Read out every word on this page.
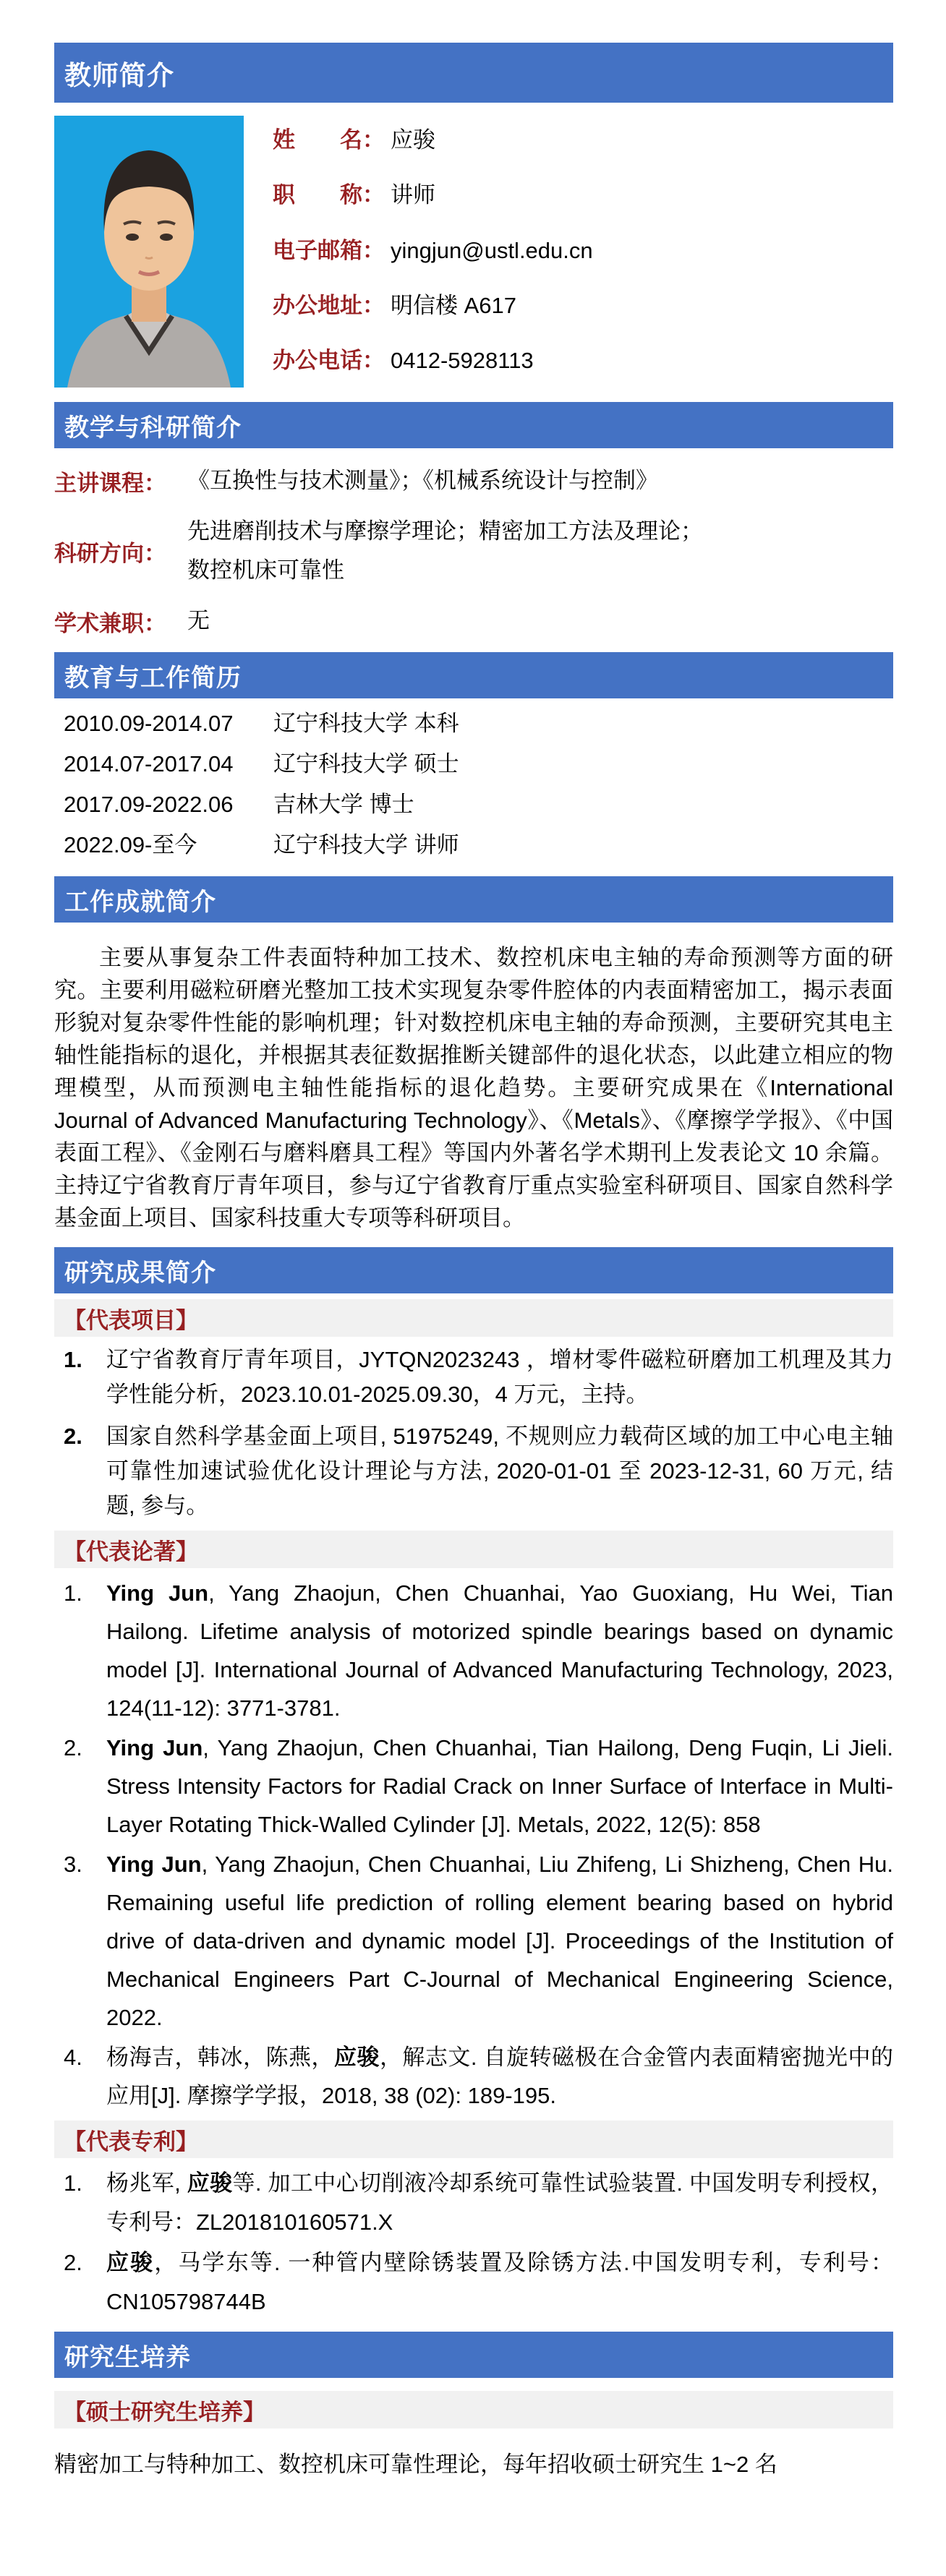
教师简介
姓　　名： 应骏
职　　称： 讲师
电子邮箱： yingjun@ustl.edu.cn
办公地址： 明信楼 A617
办公电话： 0412-5928113
教学与科研简介
主讲课程： 《互换性与技术测量》；《机械系统设计与控制》
科研方向：
先进磨削技术与摩擦学理论；精密加工方法及理论；
数控机床可靠性
学术兼职： 无
教育与工作简历
2010.09-2014.07	辽宁科技大学 本科
2014.07-2017.04	辽宁科技大学 硕士
2017.09-2022.06	吉林大学 博士
2022.09-至今	辽宁科技大学 讲师
工作成就简介

主要从事复杂工件表面特种加工技术、数控机床电主轴的寿命预测等方面的研究。主要利用磁粒研磨光整加工技术实现复杂零件腔体的内表面精密加工，揭示表面形貌对复杂零件性能的影响机理；针对数控机床电主轴的寿命预测，主要研究其电主轴性能指标的退化，并根据其表征数据推断关键部件的退化状态，以此建立相应的物理模型，从而预测电主轴性能指标的退化趋势。主要研究成果在《International Journal of Advanced Manufacturing Technology》、《Metals》、《摩擦学学报》、《中国表面工程》、《金刚石与磨料磨具工程》等国内外著名学术期刊上发表论文 10 余篇。主持辽宁省教育厅青年项目，参与辽宁省教育厅重点实验室科研项目、国家自然科学基金面上项目、国家科技重大专项等科研项目。

研究成果简介
【代表项目】
1.	辽宁省教育厅青年项目，JYTQN2023243 ，增材零件磁粒研磨加工机理及其力学性能分析，2023.10.01-2025.09.30，4 万元，主持。
2.	国家自然科学基金面上项目, 51975249, 不规则应力载荷区域的加工中心电主轴可靠性加速试验优化设计理论与方法, 2020-01-01 至 2023-12-31, 60 万元, 结题, 参与。
【代表论著】
1.	Ying Jun, Yang Zhaojun, Chen Chuanhai, Yao Guoxiang, Hu Wei, Tian Hailong. Lifetime analysis of motorized spindle bearings based on dynamic model [J]. International Journal of Advanced Manufacturing Technology, 2023, 124(11-12): 3771-3781.
2.	Ying Jun, Yang Zhaojun, Chen Chuanhai, Tian Hailong, Deng Fuqin, Li Jieli. Stress Intensity Factors for Radial Crack on Inner Surface of Interface in Multi-Layer Rotating Thick-Walled Cylinder [J]. Metals, 2022, 12(5): 858
3.	Ying Jun, Yang Zhaojun, Chen Chuanhai, Liu Zhifeng, Li Shizheng, Chen Hu. Remaining useful life prediction of rolling element bearing based on hybrid drive of data-driven and dynamic model [J]. Proceedings of the Institution of Mechanical Engineers Part C-Journal of Mechanical Engineering Science, 2022.
4.	杨海吉，韩冰，陈燕，应骏，解志文. 自旋转磁极在合金管内表面精密抛光中的应用[J]. 摩擦学学报，2018, 38 (02): 189-195.
【代表专利】
1.	杨兆军, 应骏等. 加工中心切削液冷却系统可靠性试验装置. 中国发明专利授权，专利号：ZL201810160571.X
2.	应骏，马学东等. 一种管内壁除锈装置及除锈方法.中国发明专利，专利号：CN105798744B
研究生培养
【硕士研究生培养】

精密加工与特种加工、数控机床可靠性理论，每年招收硕士研究生 1~2 名
